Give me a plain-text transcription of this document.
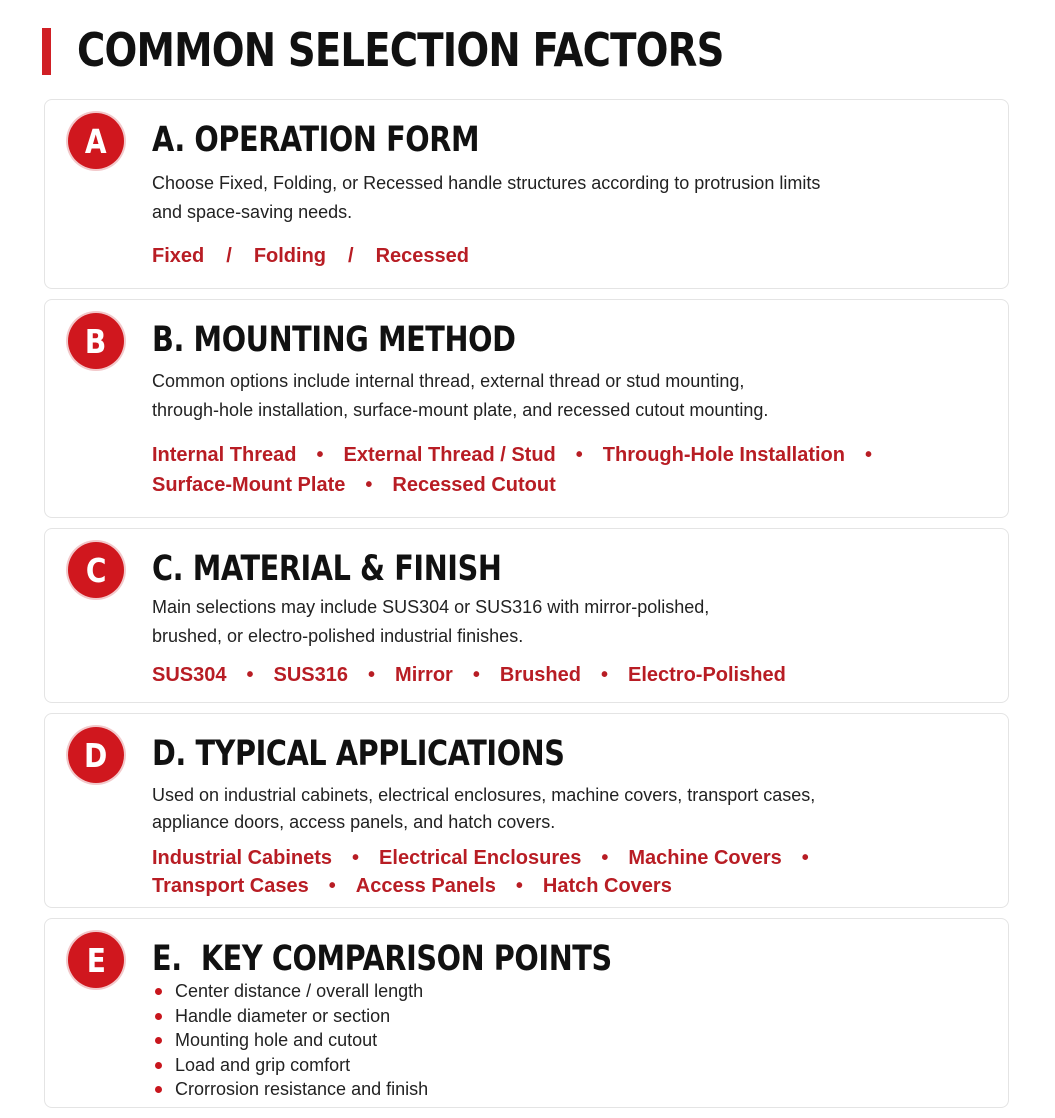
COMMON SELECTION FACTORS
A A. OPERATION FORM
Choose Fixed, Folding, or Recessed handle structures according to protrusion limits
and space-saving needs.
Fixed / Folding / Recessed
B B. MOUNTING METHOD
Common options include internal thread, external thread or stud mounting,
through-hole installation, surface-mount plate, and recessed cutout mounting.
Internal Thread • External Thread / Stud • Through-Hole Installation •
Surface-Mount Plate • Recessed Cutout
C C. MATERIAL & FINISH
Main selections may include SUS304 or SUS316 with mirror-polished,
brushed, or electro-polished industrial finishes.
SUS304 • SUS316 • Mirror • Brushed • Electro-Polished
D D. TYPICAL APPLICATIONS
Used on industrial cabinets, electrical enclosures, machine covers, transport cases,
appliance doors, access panels, and hatch covers.
Industrial Cabinets • Electrical Enclosures • Machine Covers •
Transport Cases • Access Panels • Hatch Covers
E E.  KEY COMPARISON POINTS
Center distance / overall length
Handle diameter or section
Mounting hole and cutout
Load and grip comfort
Crorrosion resistance and finish
